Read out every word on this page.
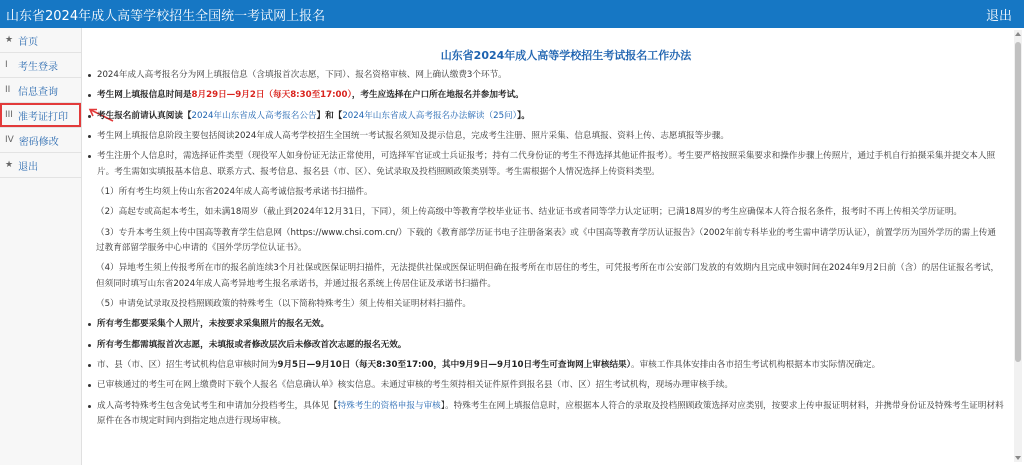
山东省2024年成人高等学校招生全国统一考试网上报名	退出
★ 首页
I	考生登录
II 信息查询
III 准考证打印
IV 密码修改
★ 退出
山东省2024年成人高等学校招生考试报名工作办法
2024年成人高考报名分为网上填报信息（含填报首次志愿，下同）、报名资格审核、网上确认缴费3个环节。
考生网上填报信息时间是8月29日—9月2日（每天8:30至17:00），考生应选择在户口所在地报名并参加考试。
考生报名前请认真阅读【2024年山东省成人高考报名公告】和【2024年山东省成人高考报名办法解读（25问）】。
考生网上填报信息阶段主要包括阅读2024年成人高考学校招生全国统一考试报名须知及提示信息，完成考生注册、照片采集、信息填报、资料上传、志愿填报等步骤。
考生注册个人信息时，需选择证件类型（现役军人如身份证无法正常使用，可选择军官证或士兵证报考；持有二代身份证的考生不得选择其他证件报考）。考生要严格按照采集要求和操作步骤上传照片，通过手机自行拍摄采集并提交本人照片。考生需如实填报基本信息、联系方式、报考信息、报名县（市、区）、免试录取及投档照顾政策类别等。考生需根据个人情况选择上传资料类型。
（1）所有考生均须上传山东省2024年成人高考诚信报考承诺书扫描件。
（2）高起专或高起本考生，如未满18周岁（截止到2024年12月31日，下同），须上传高级中等教育学校毕业证书、结业证书或者同等学力认定证明；已满18周岁的考生应确保本人符合报名条件，报考时不再上传相关学历证明。
（3）专升本考生须上传中国高等教育学生信息网（https://www.chsi.com.cn/）下载的《教育部学历证书电子注册备案表》或《中国高等教育学历认证报告》（2002年前专科毕业的考生需申请学历认证），前置学历为国外学历的需上传通过教育部留学服务中心申请的《国外学历学位认证书》。
（4）异地考生须上传报考所在市的报名前连续3个月社保或医保证明扫描件，无法提供社保或医保证明但确在报考所在市居住的考生，可凭报考所在市公安部门发放的有效期内且完成申领时间在2024年9月2日前（含）的居住证报名考试，但须同时填写山东省2024年成人高考异地考生报名承诺书，并通过报名系统上传居住证及承诺书扫描件。
（5）申请免试录取及投档照顾政策的特殊考生（以下简称特殊考生）须上传相关证明材料扫描件。
所有考生都要采集个人照片，未按要求采集照片的报名无效。
所有考生都需填报首次志愿，未填报或者修改层次后未修改首次志愿的报名无效。
市、县（市、区）招生考试机构信息审核时间为9月5日—9月10日（每天8:30至17:00，其中9月9日—9月10日考生可查询网上审核结果）。审核工作具体安排由各市招生考试机构根据本市实际情况确定。
已审核通过的考生可在网上缴费时下载个人报名《信息确认单》核实信息。未通过审核的考生须持相关证件原件到报名县（市、区）招生考试机构，现场办理审核手续。
成人高考特殊考生包含免试考生和申请加分投档考生，具体见【特殊考生的资格申报与审核】。特殊考生在网上填报信息时，应根据本人符合的录取及投档照顾政策选择对应类别，按要求上传申报证明材料，并携带身份证及特殊考生证明材料原件在各市规定时间内到指定地点进行现场审核。
